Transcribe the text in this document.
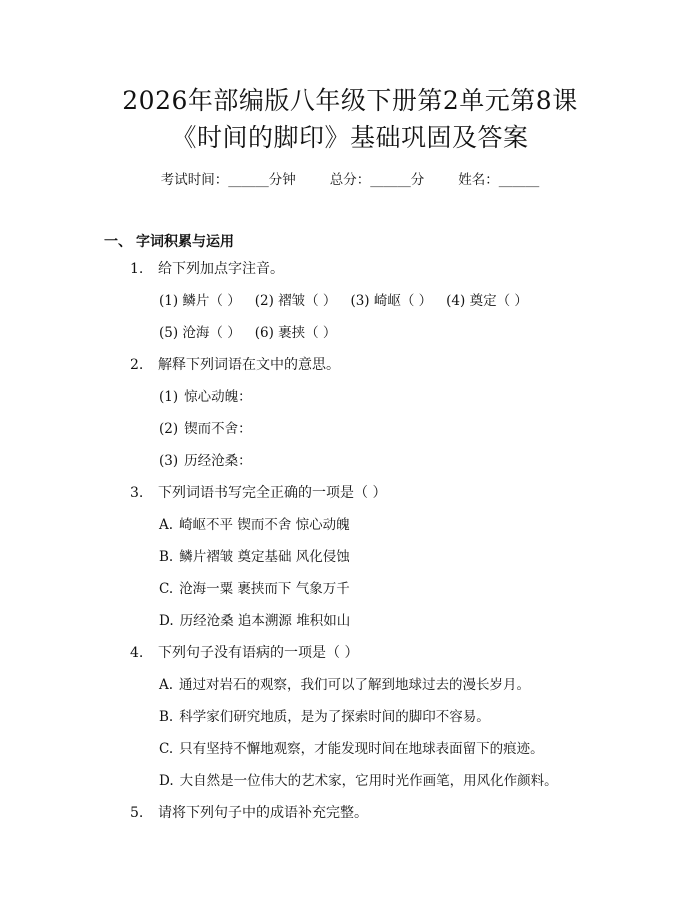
2026年部编版八年级下册第2单元第8课
《时间的脚印》基础巩固及答案
考试时间：______分钟	总分：______分	姓名：______
一、 字词积累与运用
1. 给下列加点字注音。
(1) 鳞片（ ） (2) 褶皱（ ） (3) 崎岖（ ） (4) 奠定（ ）
(5) 沧海（ ） (6) 裹挟（ ）
2. 解释下列词语在文中的意思。
(1) 惊心动魄：
(2) 锲而不舍：
(3) 历经沧桑：
3. 下列词语书写完全正确的一项是（ ）
A. 崎岖不平 锲而不舍 惊心动魄
B. 鳞片褶皱 奠定基础 风化侵蚀
C. 沧海一粟 裹挟而下 气象万千
D. 历经沧桑 追本溯源 堆积如山
4. 下列句子没有语病的一项是（ ）
A. 通过对岩石的观察，我们可以了解到地球过去的漫长岁月。
B. 科学家们研究地质，是为了探索时间的脚印不容易。
C. 只有坚持不懈地观察，才能发现时间在地球表面留下的痕迹。
D. 大自然是一位伟大的艺术家，它用时光作画笔，用风化作颜料。
5. 请将下列句子中的成语补充完整。
